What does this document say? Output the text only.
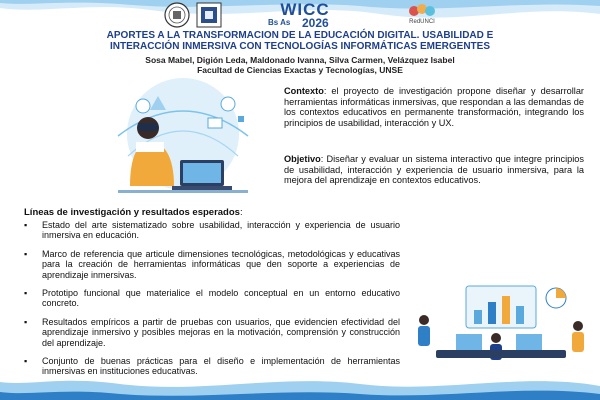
WICC
Bs As 2026	RedUNCI
APORTES A LA TRANSFORMACION DE LA EDUCACIÓN DIGITAL. USABILIDAD E
INTERACCIÓN INMERSIVA CON TECNOLOGÍAS INFORMÁTICAS EMERGENTES

Sosa Mabel, Digión Leda, Maldonado Ivanna, Silva Carmen, Velázquez Isabel

Facultad de Ciencias Exactas y Tecnologías, UNSE

Contexto: el proyecto de investigación propone diseñar y desarrollar herramientas informáticas inmersivas, que respondan a las demandas de los contextos educativos en permanente transformación, integrando los principios de usabilidad, interacción y UX.

Objetivo: Diseñar y evaluar un sistema interactivo que integre principios de usabilidad, interacción y experiencia de usuario inmersiva, para la mejora del aprendizaje en contextos educativos.

Líneas de investigación y resultados esperados:

▪ Estado del arte sistematizado sobre usabilidad, interacción y experiencia de usuario inmersiva en educación.
▪ Marco de referencia que articule dimensiones tecnológicas, metodológicas y educativas para la creación de herramientas informáticas que den soporte a experiencias de aprendizaje inmersivas.
▪ Prototipo funcional que materialice el modelo conceptual en un entorno educativo concreto.
▪ Resultados empíricos a partir de pruebas con usuarios, que evidencien efectividad del aprendizaje inmersivo y posibles mejoras en la motivación, comprensión y construcción del aprendizaje.
▪ Conjunto de buenas prácticas para el diseño e implementación de herramientas inmersivas en instituciones educativas.
